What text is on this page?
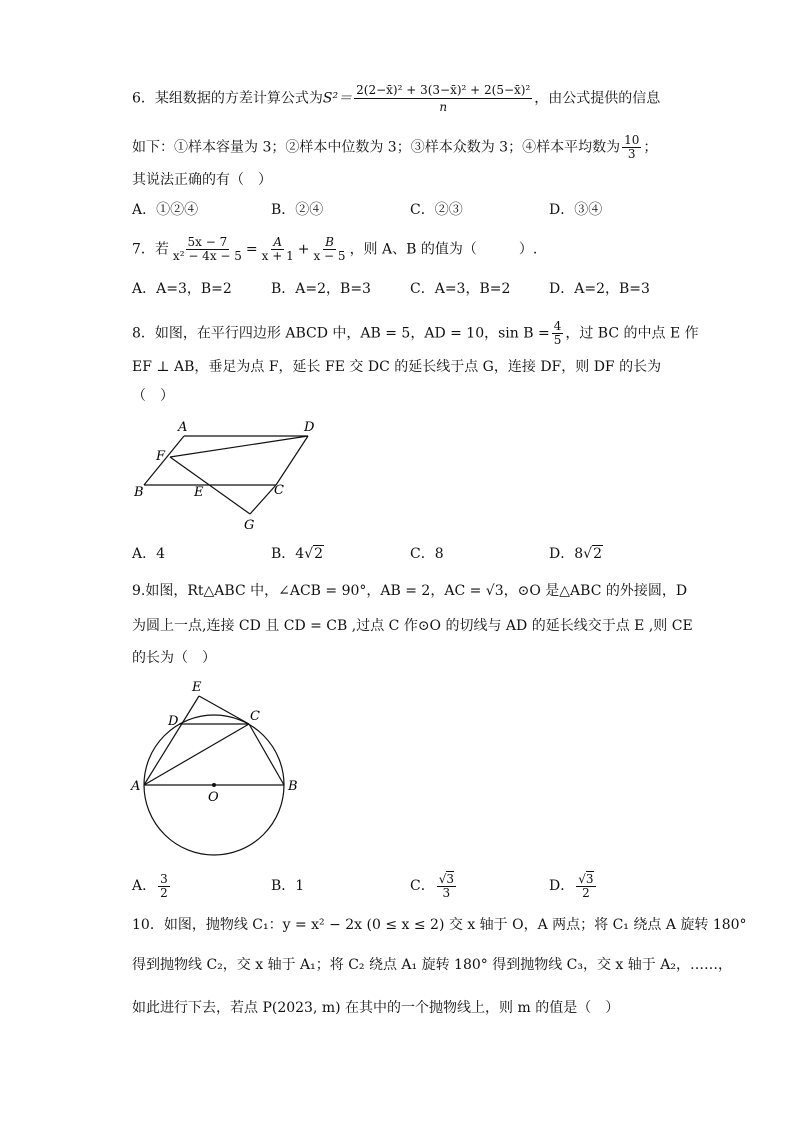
6．某组数据的方差计算公式为$S^2= \frac{\text{2(2−x̄)² + 3(3−x̄)² + 2(5−x̄)²}}{n}$ ，由公式提供的信息
如下：①样本容量为 3；②样本中位数为 3；③样本众数为 3；④样本平均数为 $\frac{10}{3}$ ；
其说法正确的有（　）
A．①②④	B．②④	C．②③	D．③④
7．若 $\frac{5x - 7}{\text{x² − 4x − 5}} = \frac{A}{x + 1} + \frac{B}{x - 5}$ ，则 A、B 的值为（　　　）.
A．A=3，B=2	B．A=2，B=3	C．A=3，B=2	D．A=2，B=3
8．如图，在平行四边形 ABCD 中，AB = 5，AD = 10，$\sin B = \frac{4}{5}$ ，过 BC 的中点 E 作
EF ⊥ AB，垂足为点 F，延长 FE 交 DC 的延长线于点 G，连接 DF，则 DF 的长为
（　）
A	D
F
B	E	C
G
A．4	B．4√2	C．8	D．8√2
9.如图，Rt△ABC 中，∠ACB = 90°，AB = 2，AC = √3，⊙O 是△ABC 的外接圆，D
为圆上一点,连接 CD 且 CD = CB ,过点 C 作⊙O 的切线与 AD 的延长线交于点 E ,则 CE
的长为（　）
E
D	C
A
O
B
A． $\frac{3}{2}$	B．1	C． $\frac{√3}{3}$	D． $\frac{√3}{2}$
10．如图，抛物线 C₁：y = x² − 2x (0 ≤ x ≤ 2) 交 x 轴于 O，A 两点；将 C₁ 绕点 A 旋转 180°
得到抛物线 C₂，交 x 轴于 A₁；将 C₂ 绕点 A₁ 旋转 180° 得到抛物线 C₃，交 x 轴于 A₂，……，
如此进行下去，若点 P(2023, m) 在其中的一个抛物线上，则 m 的值是（　）
